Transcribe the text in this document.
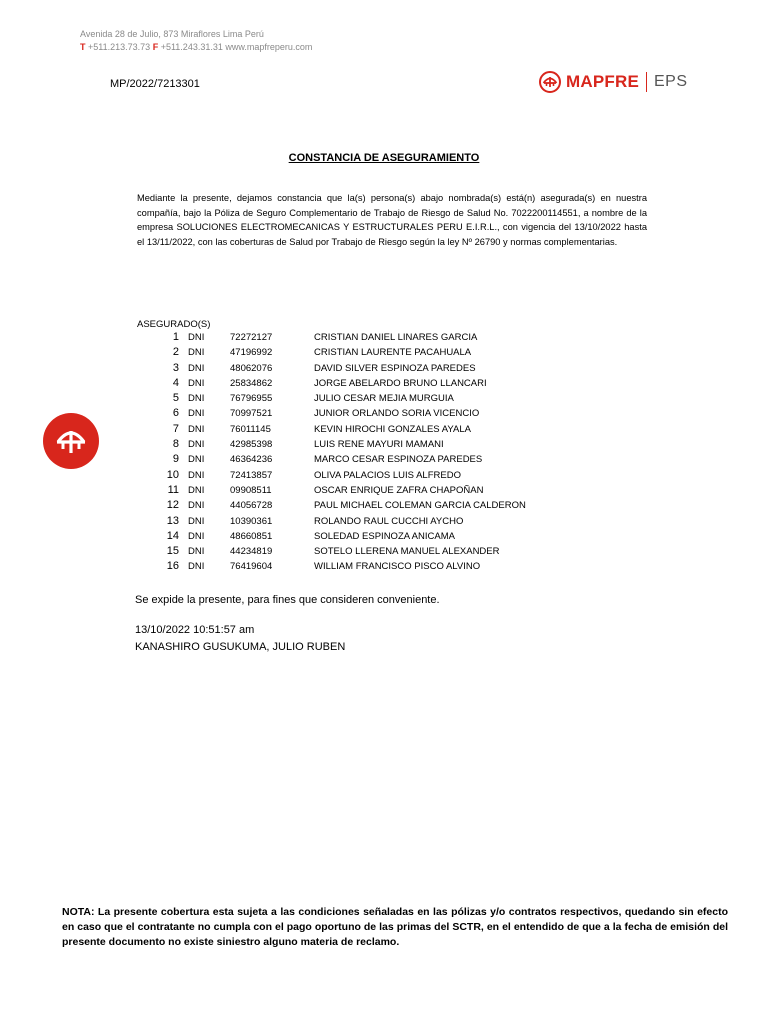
Avenida 28 de Julio, 873 Miraflores Lima Perú
T +511.213.73.73 F +511.243.31.31 www.mapfreperu.com
MP/2022/7213301	MAPFRE EPS
CONSTANCIA DE ASEGURAMIENTO
Mediante la presente, dejamos constancia que la(s) persona(s) abajo nombrada(s) está(n) asegurada(s) en nuestra compañía, bajo la Póliza de Seguro Complementario de Trabajo de Riesgo de Salud No. 7022200114551, a nombre de la empresa SOLUCIONES ELECTROMECANICAS Y ESTRUCTURALES PERU E.I.R.L., con vigencia del 13/10/2022 hasta el 13/11/2022, con las coberturas de Salud por Trabajo de Riesgo según la ley Nº 26790 y normas complementarias.
ASEGURADO(S)
1 DNI	72272127	CRISTIAN DANIEL LINARES GARCIA
2 DNI	47196992	CRISTIAN LAURENTE PACAHUALA
3 DNI	48062076	DAVID SILVER ESPINOZA PAREDES
4 DNI	25834862	JORGE ABELARDO BRUNO LLANCARI
5 DNI	76796955	JULIO CESAR MEJIA MURGUIA
6 DNI	70997521	JUNIOR ORLANDO SORIA VICENCIO
7 DNI	76011145	KEVIN HIROCHI GONZALES AYALA
8 DNI	42985398	LUIS RENE MAYURI MAMANI
9 DNI	46364236	MARCO CESAR ESPINOZA PAREDES
10 DNI	72413857	OLIVA PALACIOS LUIS ALFREDO
11 DNI	09908511	OSCAR ENRIQUE ZAFRA CHAPOÑAN
12 DNI	44056728	PAUL MICHAEL COLEMAN GARCIA CALDERON
13 DNI	10390361	ROLANDO RAUL CUCCHI AYCHO
14 DNI	48660851	SOLEDAD ESPINOZA ANICAMA
15 DNI	44234819	SOTELO LLERENA MANUEL ALEXANDER
16 DNI	76419604	WILLIAM FRANCISCO PISCO ALVINO
Se expide la presente, para fines que consideren conveniente.
13/10/2022 10:51:57 am
KANASHIRO GUSUKUMA, JULIO RUBEN
NOTA: La presente cobertura esta sujeta a las condiciones señaladas en las pólizas y/o contratos respectivos, quedando sin efecto en caso que el contratante no cumpla con el pago oportuno de las primas del SCTR, en el entendido de que a la fecha de emisión del presente documento no existe siniestro alguno materia de reclamo.
